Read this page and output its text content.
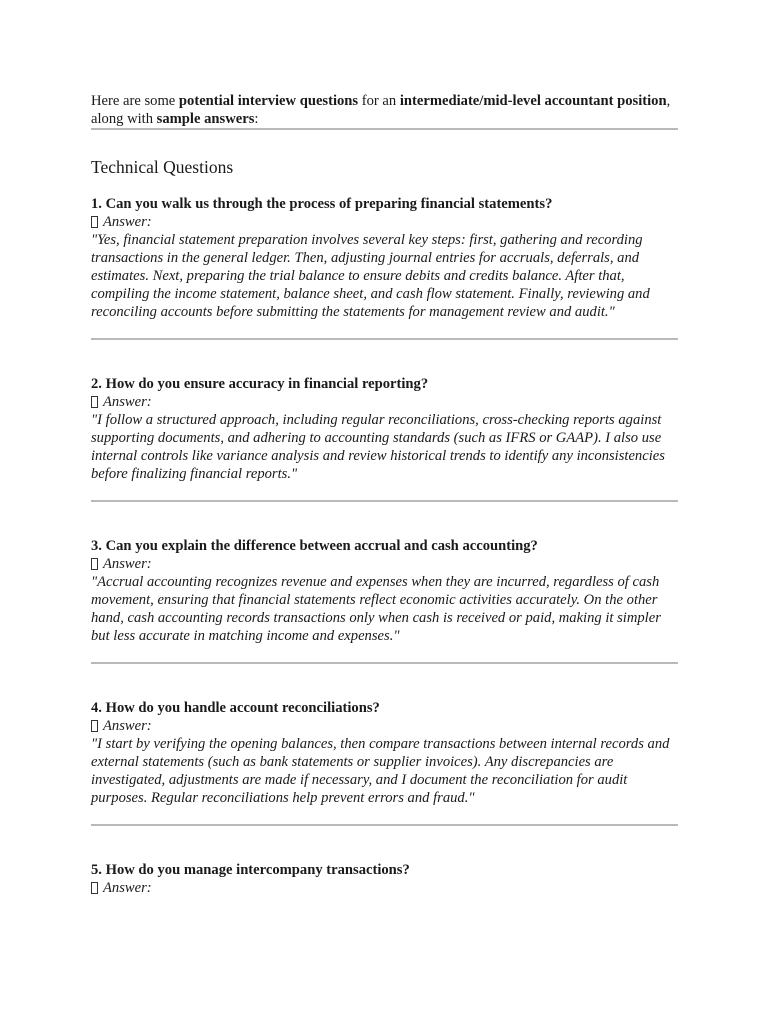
Here are some potential interview questions for an intermediate/mid-level accountant position, along with sample answers:

Technical Questions

1. Can you walk us through the process of preparing financial statements?

Answer:

"Yes, financial statement preparation involves several key steps: first, gathering and recording transactions in the general ledger. Then, adjusting journal entries for accruals, deferrals, and estimates. Next, preparing the trial balance to ensure debits and credits balance. After that, compiling the income statement, balance sheet, and cash flow statement. Finally, reviewing and reconciling accounts before submitting the statements for management review and audit."

2. How do you ensure accuracy in financial reporting?

Answer:

"I follow a structured approach, including regular reconciliations, cross-checking reports against supporting documents, and adhering to accounting standards (such as IFRS or GAAP). I also use internal controls like variance analysis and review historical trends to identify any inconsistencies before finalizing financial reports."

3. Can you explain the difference between accrual and cash accounting?

Answer:

"Accrual accounting recognizes revenue and expenses when they are incurred, regardless of cash movement, ensuring that financial statements reflect economic activities accurately. On the other hand, cash accounting records transactions only when cash is received or paid, making it simpler but less accurate in matching income and expenses."

4. How do you handle account reconciliations?

Answer:

"I start by verifying the opening balances, then compare transactions between internal records and external statements (such as bank statements or supplier invoices). Any discrepancies are investigated, adjustments are made if necessary, and I document the reconciliation for audit purposes. Regular reconciliations help prevent errors and fraud."

5. How do you manage intercompany transactions?

Answer:
